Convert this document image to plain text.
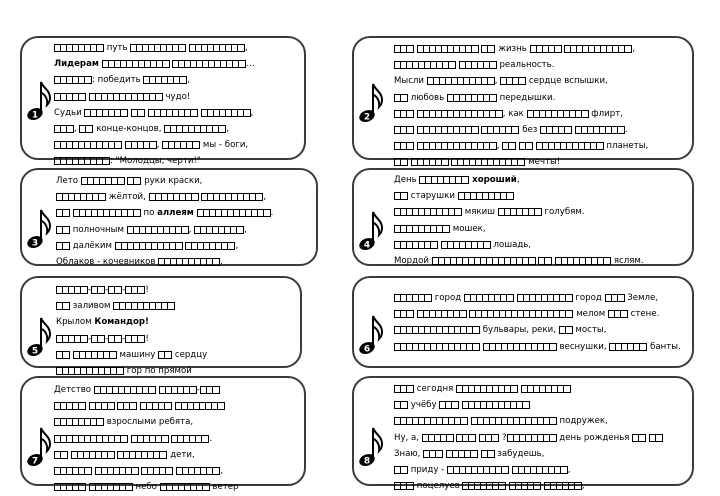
1
путь
	,
Лидерам
	...
: победить	,

чудо!
Судьи

	,
,
конце-концов,	,

,	мы - боги,
: "Молодцы, черти!"
2

жизнь
	,

реальность.
Мысли	,	сердце вспышки,
любовь	передышки.

, как	флирт,

без
	.

,

	планеты,

мечты!
3
Лето
	руки краски,
жёлтой,
	,

по аллеям	.
полночным	,	,
далёким
	,
Облаков - кочевников	.
4
День	хороший,
старушки
мякиш	голубям.
мошек,

лошадь,
Мордой

	яслям.
5
- - - !
заливом
Крылом Командор!
- - - !

машину
сердцу
гор по прямой
6
город
	город
Земле,

мелом
стене.
бульвары, реки,
мосты,

веснушки,	банты.
7
Детство
	-

взрослыми ребята,

.

дети,

,

небо	ветер
8
сегодня

учёбу

подружек,
Ну, а,

	?	день рожденья

Знаю,

	забудешь,
приду -
	,
поцелуев

	,
